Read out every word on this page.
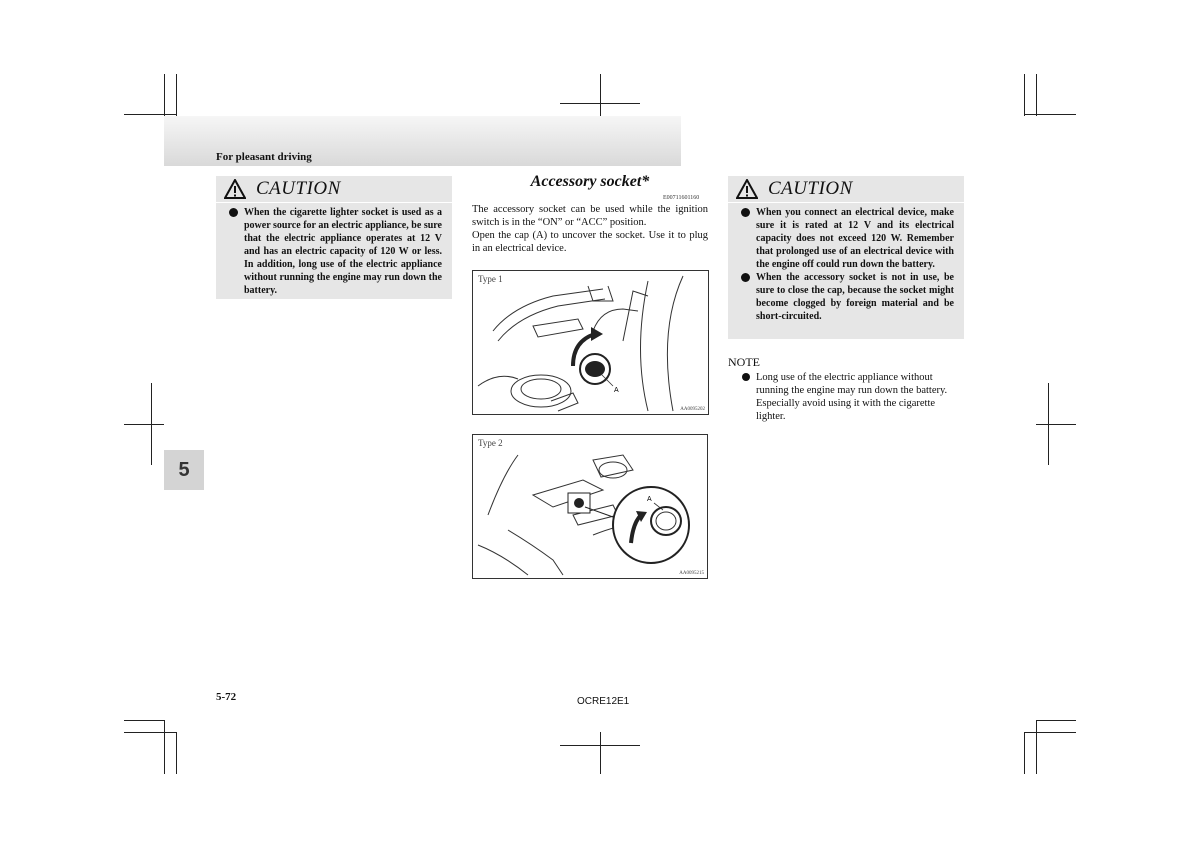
For pleasant driving
5
CAUTION
When the cigarette lighter socket is used as a power source for an electric appliance, be sure that the electric appliance operates at 12 V and has an electric capacity of 120 W or less. In addition, long use of the electric appliance without running the engine may run down the battery.
Accessory socket*
E00711601160
The accessory socket can be used while the ignition switch is in the “ON” or “ACC” position.
Open the cap (A) to uncover the socket. Use it to plug in an electrical device.
Type 1
A
AA0095202
Type 2
A
AA0095215
CAUTION
When you connect an electrical device, make sure it is rated at 12 V and its electrical capacity does not exceed 120 W. Remember that prolonged use of an electrical device with the engine off could run down the battery.
When the accessory socket is not in use, be sure to close the cap, because the socket might become clogged by foreign material and be short-circuited.
NOTE
Long use of the electric appliance without running the engine may run down the battery. Especially avoid using it with the cigarette lighter.
5-72	OCRE12E1
